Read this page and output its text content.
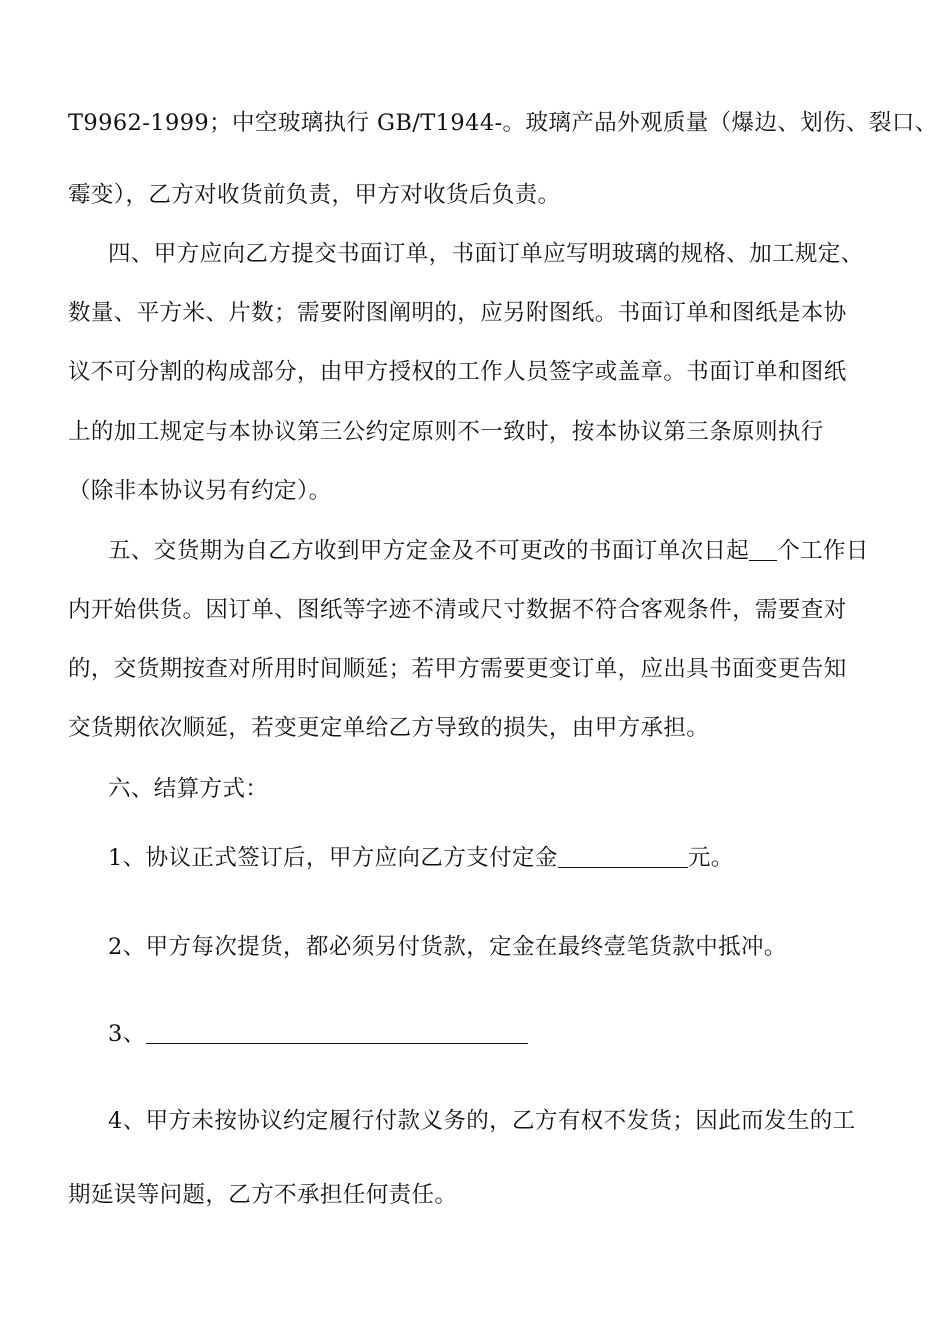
T9962-1999；中空玻璃执行 GB/T1944-。玻璃产品外观质量（爆边、划伤、裂口、
霉变），乙方对收货前负责，甲方对收货后负责。
四、甲方应向乙方提交书面订单，书面订单应写明玻璃的规格、加工规定、
数量、平方米、片数；需要附图阐明的，应另附图纸。书面订单和图纸是本协
议不可分割的构成部分，由甲方授权的工作人员签字或盖章。书面订单和图纸
上的加工规定与本协议第三公约定原则不一致时，按本协议第三条原则执行
（除非本协议另有约定）。
五、交货期为自乙方收到甲方定金及不可更改的书面订单次日起 个工作日
内开始供货。因订单、图纸等字迹不清或尺寸数据不符合客观条件，需要查对
的，交货期按查对所用时间顺延；若甲方需要更变订单，应出具书面变更告知
交货期依次顺延，若变更定单给乙方导致的损失，由甲方承担。
六、结算方式：
1、协议正式签订后，甲方应向乙方支付定金	元。
2、甲方每次提货，都必须另付货款，定金在最终壹笔货款中抵冲。
3、
4、甲方未按协议约定履行付款义务的，乙方有权不发货；因此而发生的工
期延误等问题，乙方不承担任何责任。
